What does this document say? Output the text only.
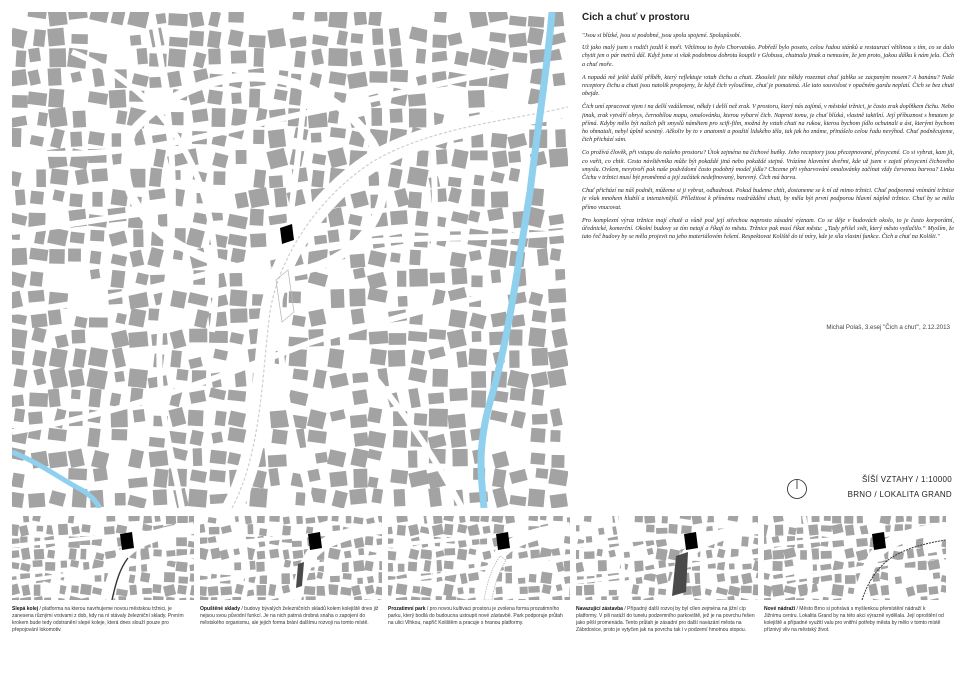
Čich a chuť v prostoru

"Jsou si blízké, jsou si podobné, jsou spolu spojené. Spolupůsobí.

Už jako malý jsem s rodiči jezdil k moři. Většinou to bylo Chorvatsko. Pobřeží bylo poseto, celou řadou stánků a restaurací většinou s tím, co se dalo chytit jen o pár metrů dál. Když jsme si však podobnou dobrotu koupili v Globusu, chutnala jinak a nemusím, že jen proto, jakou dálku k nám jela. Čich a chuť moře.

A napadá mě ještě další příběh, který reflektuje vztah čichu a chuti. Zkoušeli jste někdy rozeznat chuť jablka se zacpaným nosem? A banánu? Naše receptory čichu a chuti jsou natolik propojeny, že když čich vyloučíme, chuť je pomatená. Ale tato souvislost v opačném gardu neplatí. Čich se bez chuti obejde.

Čich umí zpracovat vjem i na delší vzdálenost, někdy i delší než zrak. V prostoru, který nás zajímá, v městské tržnici, je často zrak doplňkem čichu. Nebo jinak, zrak vytváří obrys, černobílou mapu, omalovánku, kterou vybarví čich. Naproti tomu, je chuť blízká, vlastně taktilní. Její příbuznost s hmatem je přímá. Kdyby mělo být našich pět smyslů námětem pro scifi-film, možná by vztah chuti na rukou, kterou bychom jídlo ochutnali a ást, kterými bychom ho ohmatali, nebyl úplně scestný. Ačkoliv by to v anatomii a použití lidského těla, tak jak ho známe, přinášelo celou řadu nevýhod. Chuť podněcujeme, čich přichází sám.

Co prožívá člověk, při vstupu do našeho prostoru? Útok zejména na čichové buňky. Jeho receptory jsou přecepnované, přesycené. Co si vybrat, kam jít, co vařit, co chtít. Cesta návštěvníka může být pokaždé jiná nebo pokaždé stejná. Vrázíme hlavními dveřmi, kde už jsem v zajetí přesycení čichového smyslu. Ovšem, nevytvoří pak naše podvědomí často podobný model jídla? Chceme při vybarvování omalovánky začínat vždy červenou barvou? Linku Čichu v tržnici musí být proměnná a její začátek nedefinovaný, barevný. Čich má barvu.

Chuť přichází na náš podnět, můžeme si ji vybrat, odhadnout. Pokud budeme chtít, dostaneme se k ní až mimo tržnici. Chuť podporená vnímání tržnice je však mnohem hlubší a intenzivnější. Příležitost k přímému rozdráždění chuti, by měla být první podporou hlavní náplně tržnice. Chuť by se měla přímo vnucovat.

Pro komplexní výraz tržnice mají chutě a vůně pod její střechou naprosto zásadní význam. Co se děje v budovách okolo, to je často korporátní, úřednické, komerční. Okolní budovy se tím netají a říkají to městu. Tržnice pak musí říkat městu: „Tady přišel svět, který město vytlačilo.“ Myslím, že tato řeč budovy by se měla projevit na jeho materiálovém řešení. Respektovat Koliště do té míry, kde je síla vlastní funkce. Čich a chuť na Kolišti."

Michal Polaš, 3.esej "Čich a chuť", 2.12.2013
ŠÍŠÍ VZTAHY / 1:10000
BRNO / LOKALITA GRAND
Slepá kolej / platforma na kterou navrhujeme novou městskou tržnici, je zanesena různými vrstvami z dob, kdy na ní stávaly železniční sklady. Prvním krokem bude tedy odstranění slepé koleje, která dnes slouží pouze pro přepojování lokomotiv.
Opuštěné sklady / budovy bývalých železničních skladů kolem kolejiště dnes již nejsou svou původní funkcí. Je na nich patrná drobná snaha o zapojení do městského organismu, ale jejich forma brání dalšímu rozvoji na tomto místě.
Prozatimní park / pro novou kultivaci prostoru je zvolena forma prozatimního parku, který bodlá do budoucna ustoupit nové zástavbě. Park podporuje průtah na ulici Vlhkou, napříč Kolištěm a pracuje s hranou platformy.
Navazující zástavba / Případný další rozvoj by byl cílen zejména na jižní cíp platformy. V pili naráží do tunelu podzemního parkoviště, jež je na povrchu řešen jako pěší promenáda. Tento průtah je zásadní pro další navázání města na Zábrdovice, proto je vytyčen jak na povrchu tak i v podzemí hmotnou stopou.
Nové nádraží / Město Brno si pohrává s myšlenkou přemístění nádraží k Jižnímu centru. Lokalita Grand by na této akci výrazně vydělala. Její oproštění od kolejiště a případné využití valu pro vnitřní potřeby města by mělo v tomto místě příznivý vliv na městský život.
